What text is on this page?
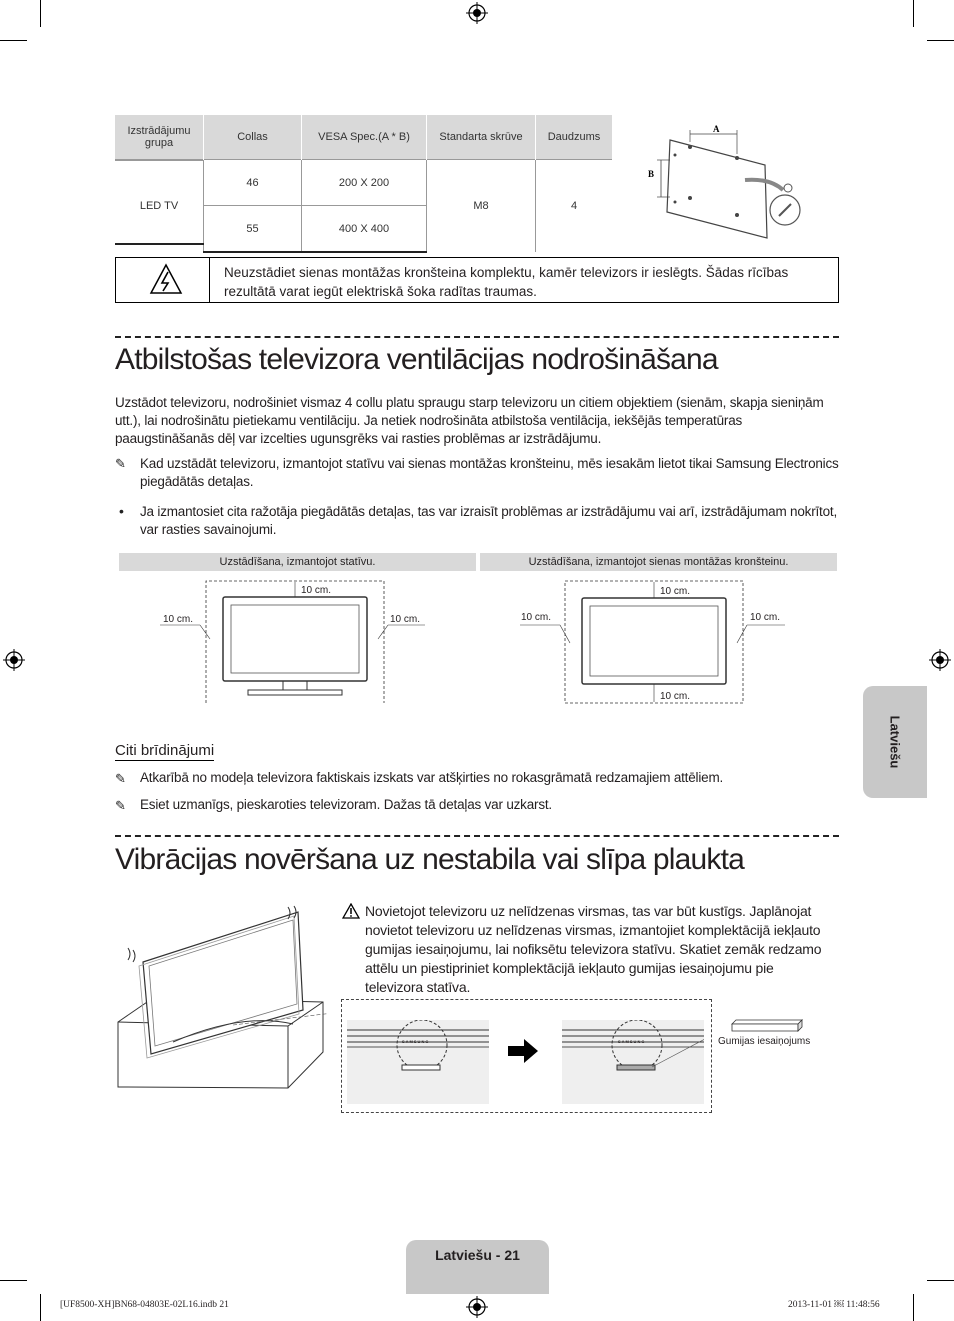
Izstrādājumu grupa	Collas	VESA Spec.(A * B)	Standarta skrūve	Daudzums
LED TV	46	200 X 200	M8	4
	55	400 X 400		
A
B
Neuzstādiet sienas montāžas kronšteina komplektu, kamēr televizors ir ieslēgts. Šādas rīcības rezultātā varat iegūt elektriskā šoka radītas traumas.
Atbilstošas televizora ventilācijas nodrošināšana
Uzstādot televizoru, nodrošiniet vismaz 4 collu platu spraugu starp televizoru un citiem objektiem (sienām, skapja sieniņām utt.), lai nodrošinātu pietiekamu ventilāciju. Ja netiek nodrošināta atbilstoša ventilācija, iekšējās temperatūras paaugstināšanās dēļ var izcelties ugunsgrēks vai rasties problēmas ar izstrādājumu.
✎ Kad uzstādāt televizoru, izmantojot statīvu vai sienas montāžas kronšteinu, mēs iesakām lietot tikai Samsung Electronics piegādātās detaļas.
• Ja izmantosiet cita ražotāja piegādātās detaļas, tas var izraisīt problēmas ar izstrādājumu vai arī, izstrādājumam nokrītot, var rasties savainojumi.
Uzstādīšana, izmantojot statīvu.	Uzstādīšana, izmantojot sienas montāžas kronšteinu.
10 cm.
10 cm.	10 cm.
10 cm.
10 cm.	10 cm.
10 cm.
Citi brīdinājumi
✎ Atkarībā no modeļa televizora faktiskais izskats var atšķirties no rokasgrāmatā redzamajiem attēliem.
✎ Esiet uzmanīgs, pieskaroties televizoram. Dažas tā detaļas var uzkarst.
Latviešu
Vibrācijas novēršana uz nestabila vai slīpa plaukta
Novietojot televizoru uz nelīdzenas virsmas, tas var būt kustīgs. Japlānojat novietot televizoru uz nelīdzenas virsmas, izmantojiet komplektācijā iekļauto gumijas iesaiņojumu, lai nofiksētu televizora statīvu. Skatiet zemāk redzamo attēlu un piestipriniet komplektācijā iekļauto gumijas iesaiņojumu pie televizora statīva.
SAMSUNG	SAMSUNG	Gumijas iesaiņojums
Latviešu - 21
[UF8500-XH]BN68-04803E-02L16.indb 21	2013-11-01 ￼ 11:48:56
